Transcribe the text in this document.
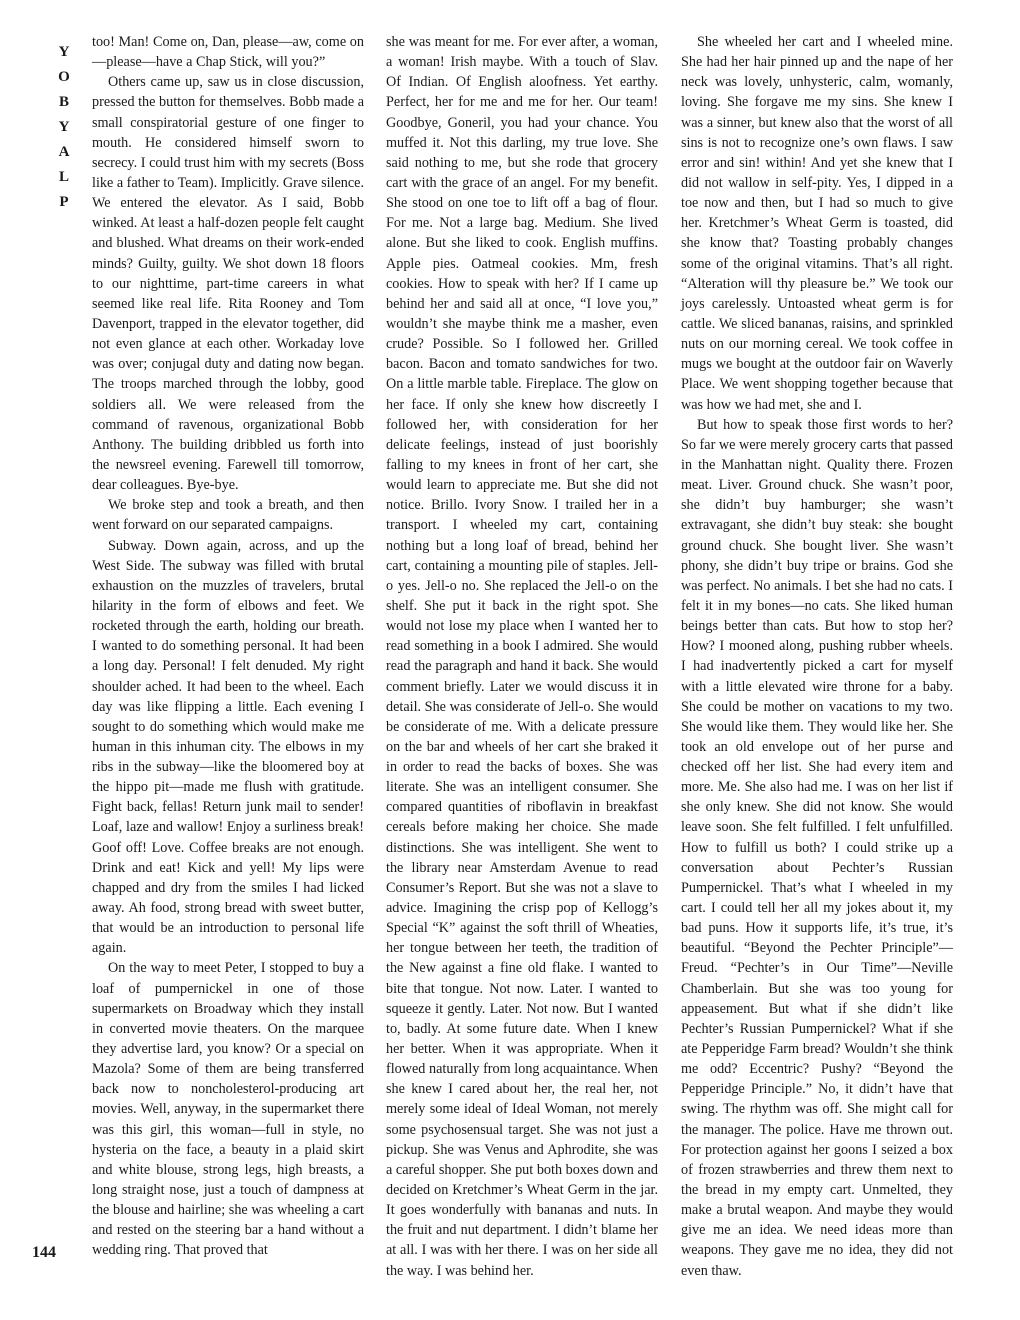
Y
O
B
Y
A
L
P
144

too! Man! Come on, Dan, please—aw, come on—please—have a Chap Stick, will you?”

Others came up, saw us in close discussion, pressed the button for themselves. Bobb made a small conspiratorial gesture of one finger to mouth. He considered himself sworn to secrecy. I could trust him with my secrets (Boss like a father to Team). Implicitly. Grave silence. We entered the elevator. As I said, Bobb winked. At least a half-dozen people felt caught and blushed. What dreams on their work-ended minds? Guilty, guilty. We shot down 18 floors to our nighttime, part-time careers in what seemed like real life. Rita Rooney and Tom Davenport, trapped in the elevator together, did not even glance at each other. Workaday love was over; conjugal duty and dating now began. The troops marched through the lobby, good soldiers all. We were released from the command of ravenous, organizational Bobb Anthony. The building dribbled us forth into the newsreel evening. Farewell till tomorrow, dear colleagues. Bye-bye.

We broke step and took a breath, and then went forward on our separated campaigns.

Subway. Down again, across, and up the West Side. The subway was filled with brutal exhaustion on the muzzles of travelers, brutal hilarity in the form of elbows and feet. We rocketed through the earth, holding our breath. I wanted to do something personal. It had been a long day. Personal! I felt denuded. My right shoulder ached. It had been to the wheel. Each day was like flipping a little. Each evening I sought to do something which would make me human in this inhuman city. The elbows in my ribs in the subway—like the bloomered boy at the hippo pit—made me flush with gratitude. Fight back, fellas! Return junk mail to sender! Loaf, laze and wallow! Enjoy a surliness break! Goof off! Love. Coffee breaks are not enough. Drink and eat! Kick and yell! My lips were chapped and dry from the smiles I had licked away. Ah food, strong bread with sweet butter, that would be an introduction to personal life again.

On the way to meet Peter, I stopped to buy a loaf of pumpernickel in one of those supermarkets on Broadway which they install in converted movie theaters. On the marquee they advertise lard, you know? Or a special on Mazola? Some of them are being transferred back now to noncholesterol-producing art movies. Well, anyway, in the supermarket there was this girl, this woman—full in style, no hysteria on the face, a beauty in a plaid skirt and white blouse, strong legs, high breasts, a long straight nose, just a touch of dampness at the blouse and hairline; she was wheeling a cart and rested on the steering bar a hand without a wedding ring. That proved that

she was meant for me. For ever after, a woman, a woman! Irish maybe. With a touch of Slav. Of Indian. Of English aloofness. Yet earthy. Perfect, her for me and me for her. Our team! Goodbye, Goneril, you had your chance. You muffed it. Not this darling, my true love. She said nothing to me, but she rode that grocery cart with the grace of an angel. For my benefit. She stood on one toe to lift off a bag of flour. For me. Not a large bag. Medium. She lived alone. But she liked to cook. English muffins. Apple pies. Oatmeal cookies. Mm, fresh cookies. How to speak with her? If I came up behind her and said all at once, “I love you,” wouldn’t she maybe think me a masher, even crude? Possible. So I followed her. Grilled bacon. Bacon and tomato sandwiches for two. On a little marble table. Fireplace. The glow on her face. If only she knew how discreetly I followed her, with consideration for her delicate feelings, instead of just boorishly falling to my knees in front of her cart, she would learn to appreciate me. But she did not notice. Brillo. Ivory Snow. I trailed her in a transport. I wheeled my cart, containing nothing but a long loaf of bread, behind her cart, containing a mounting pile of staples. Jell-o yes. Jell-o no. She replaced the Jell-o on the shelf. She put it back in the right spot. She would not lose my place when I wanted her to read something in a book I admired. She would read the paragraph and hand it back. She would comment briefly. Later we would discuss it in detail. She was considerate of Jell-o. She would be considerate of me. With a delicate pressure on the bar and wheels of her cart she braked it in order to read the backs of boxes. She was literate. She was an intelligent consumer. She compared quantities of riboflavin in breakfast cereals before making her choice. She made distinctions. She was intelligent. She went to the library near Amsterdam Avenue to read Consumer’s Report. But she was not a slave to advice. Imagining the crisp pop of Kellogg’s Special “K” against the soft thrill of Wheaties, her tongue between her teeth, the tradition of the New against a fine old flake. I wanted to bite that tongue. Not now. Later. I wanted to squeeze it gently. Later. Not now. But I wanted to, badly. At some future date. When I knew her better. When it was appropriate. When it flowed naturally from long acquaintance. When she knew I cared about her, the real her, not merely some ideal of Ideal Woman, not merely some psychosensual target. She was not just a pickup. She was Venus and Aphrodite, she was a careful shopper. She put both boxes down and decided on Kretchmer’s Wheat Germ in the jar. It goes wonderfully with bananas and nuts. In the fruit and nut department. I didn’t blame her at all. I was with her there. I was on her side all the way. I was behind her.

She wheeled her cart and I wheeled mine. She had her hair pinned up and the nape of her neck was lovely, unhysteric, calm, womanly, loving. She forgave me my sins. She knew I was a sinner, but knew also that the worst of all sins is not to recognize one’s own flaws. I saw error and sin! within! And yet she knew that I did not wallow in self-pity. Yes, I dipped in a toe now and then, but I had so much to give her. Kretchmer’s Wheat Germ is toasted, did she know that? Toasting probably changes some of the original vitamins. That’s all right. “Alteration will thy pleasure be.” We took our joys carelessly. Untoasted wheat germ is for cattle. We sliced bananas, raisins, and sprinkled nuts on our morning cereal. We took coffee in mugs we bought at the outdoor fair on Waverly Place. We went shopping together because that was how we had met, she and I.

But how to speak those first words to her? So far we were merely grocery carts that passed in the Manhattan night. Quality there. Frozen meat. Liver. Ground chuck. She wasn’t poor, she didn’t buy hamburger; she wasn’t extravagant, she didn’t buy steak: she bought ground chuck. She bought liver. She wasn’t phony, she didn’t buy tripe or brains. God she was perfect. No animals. I bet she had no cats. I felt it in my bones—no cats. She liked human beings better than cats. But how to stop her? How? I mooned along, pushing rubber wheels. I had inadvertently picked a cart for myself with a little elevated wire throne for a baby. She could be mother on vacations to my two. She would like them. They would like her. She took an old envelope out of her purse and checked off her list. She had every item and more. Me. She also had me. I was on her list if she only knew. She did not know. She would leave soon. She felt fulfilled. I felt unfulfilled. How to fulfill us both? I could strike up a conversation about Pechter’s Russian Pumpernickel. That’s what I wheeled in my cart. I could tell her all my jokes about it, my bad puns. How it supports life, it’s true, it’s beautiful. “Beyond the Pechter Principle”—Freud. “Pechter’s in Our Time”—Neville Chamberlain. But she was too young for appeasement. But what if she didn’t like Pechter’s Russian Pumpernickel? What if she ate Pepperidge Farm bread? Wouldn’t she think me odd? Eccentric? Pushy? “Beyond the Pepperidge Principle.” No, it didn’t have that swing. The rhythm was off. She might call for the manager. The police. Have me thrown out. For protection against her goons I seized a box of frozen strawberries and threw them next to the bread in my empty cart. Unmelted, they make a brutal weapon. And maybe they would give me an idea. We need ideas more than weapons. They gave me no idea, they did not even thaw.
